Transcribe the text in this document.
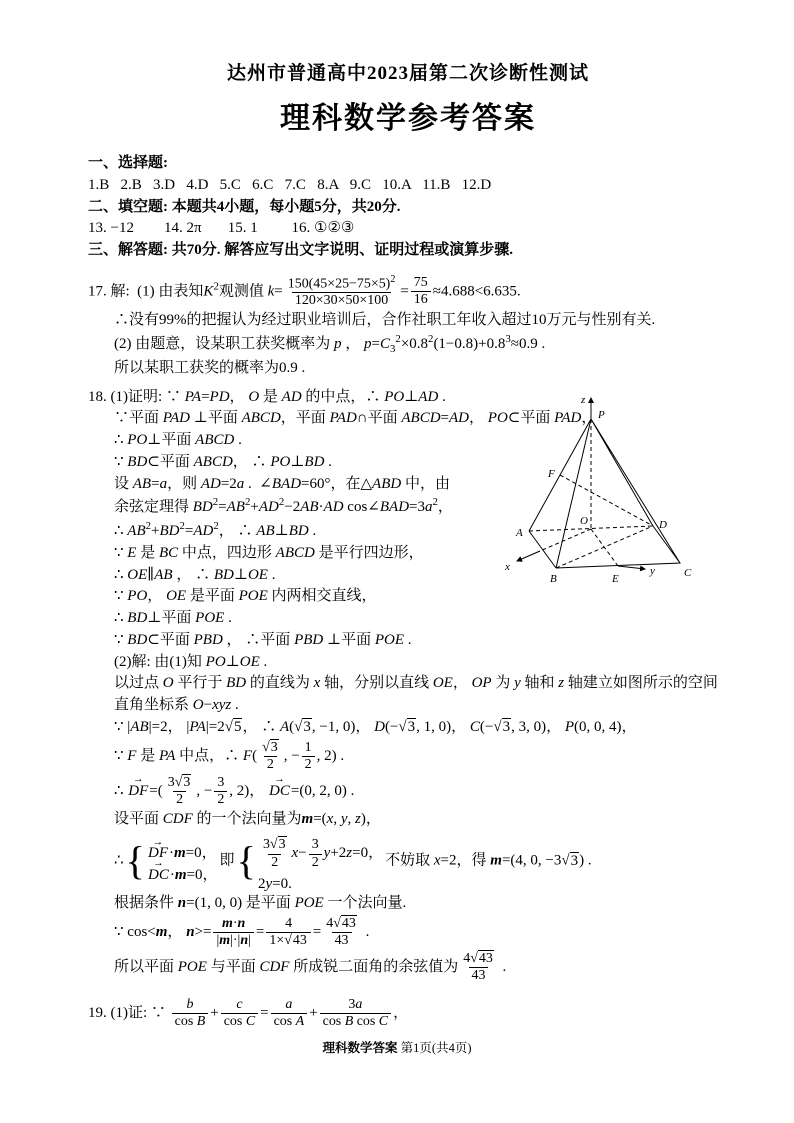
达州市普通高中2023届第二次诊断性测试
理科数学参考答案
一、选择题:
1.B   2.B   3.D   4.D   5.C   6.C   7.C   8.A   9.C   10.A   11.B   12.D
二、填空题: 本题共4小题，每小题5分，共20分.
13. −12        14. 2π       15. 1         16. ①②③
三、解答题: 共70分. 解答应写出文字说明、证明过程或演算步骤.
17. 解:  (1) 由表知$K^2$观测值 $k= \frac{150(45\times 25-75\times 5)^2}{120\times 30\times 50\times 100} = \frac{75}{16} \approx 4.688<6.635$.
∴没有99%的把握认为经过职业培训后，合作社职工年收入超过10万元与性别有关.
(2) 由题意，设某职工获奖概率为 p ， $p=C_3^2\times 0.8^2(1-0.8)+0.8^3\approx 0.9$ .
所以某职工获奖的概率为0.9 .
18. (1)证明: ∵ PA=PD， O 是 AD 的中点，∴ PO⊥AD .
∵平面 PAD ⊥平面 ABCD，平面 PAD∩平面 ABCD=AD， PO⊂平面 PAD，
∴ PO⊥平面 ABCD .
∵ BD⊂平面 ABCD， ∴ PO⊥BD .
设 AB=a，则 AD=2a .  ∠BAD=60°，在△ABD 中，由
余弦定理得 $BD^2=AB^2+AD^2-2AB\cdot AD$ $\cos\angle BAD=3a^2$，
∴ $AB^2+BD^2=AD^2$， ∴ AB⊥BD .
∵ E 是 BC 中点，四边形 ABCD 是平行四边形，
∴ OE∥AB ， ∴ BD⊥OE .
∵ PO， OE 是平面 POE 内两相交直线，
∴ BD⊥平面 POE .
∵ BD⊂平面 PBD ， ∴平面 PBD ⊥平面 POE .
(2)解: 由(1)知 PO⊥OE .
以过点 O 平行于 BD 的直线为 x 轴，分别以直线 OE， OP 为 y 轴和 z 轴建立如图所示的空间
直角坐标系 O−xyz .
∵ |AB|=2， |PA|=2√5， ∴ A(√3, −1, 0)， D(−√3, 1, 0)， C(−√3, 3, 0)， P(0, 0, 4)，
∵ F 是 PA 中点，∴ $F( \frac{√3}{2}$ , − $\frac{1}{2}$ , 2) .
∴
→
$DF=( \frac{3√3}{2}$ , − $\frac{3}{2}$ , 2)，
→
DC=(0, 2, 0) .
设平面 CDF 的一个法向量为m=(x, y, z)，
∴ { →
DF·m=0，
→
DC·m=0，
即 { $\frac{3√3}{2} x- \frac{3}{2} y+2z=0$，
2y=0.
不妨取 x=2，得 m=(4, 0, −3√3) .
根据条件 n=(1, 0, 0) 是平面 POE 一个法向量.
∵ cos<m， $n>= \frac{m\cdot n}{|m|\cdot|n|} = \frac{4}{1\times√43} = \frac{4√43}{43}$ .
所以平面 POE 与平面 CDF 所成锐二面角的余弦值为 $\frac{4√43}{43}$ .
19. (1)证: ∵ $\frac{b}{\text{cos B}} + \frac{c}{\text{cos C}} = \frac{a}{\text{cos A}} + \frac{3a}{\text{cos B cos C}}$ ，
P
z
F
A
O	D
B	E	C
x	y
理科数学答案 第1页(共4页)
